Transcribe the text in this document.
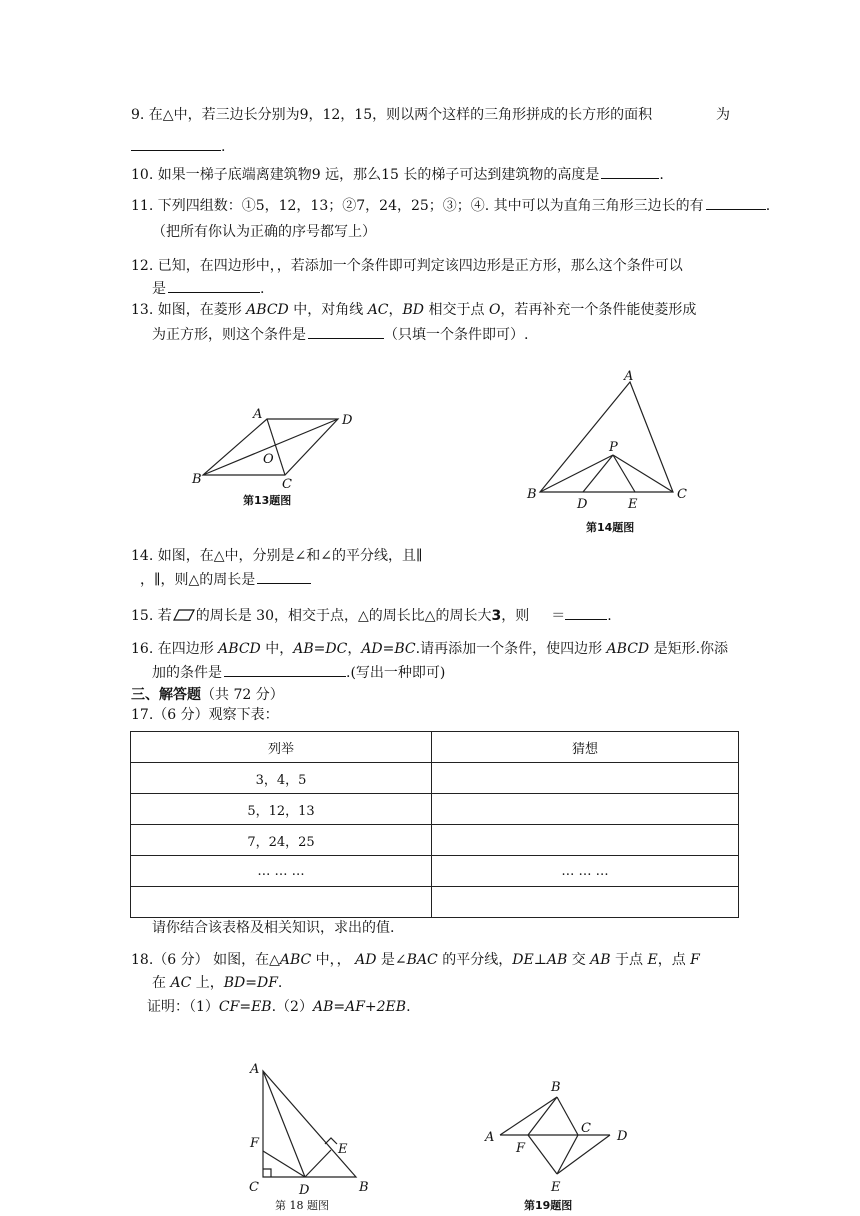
9. 在△中，若三边长分别为9，12，15，则以两个这样的三角形拼成的长方形的面积	为
.
10. 如果一梯子底端离建筑物9 远，那么15 长的梯子可达到建筑物的高度是	.
11. 下列四组数：①5，12，13；②7，24，25；③；④. 其中可以为直角三角形三边长的有	.
（把所有你认为正确的序号都写上）
12. 已知，在四边形中，，若添加一个条件即可判定该四边形是正方形，那么这个条件可以
是	.
13. 如图，在菱形 ABCD 中，对角线 AC，BD 相交于点 O，若再补充一个条件能使菱形成
为正方形，则这个条件是	（只填一个条件即可）.
A	D
B	C
O
第13题图
A
P
B	C
D	E
第14题图
14. 如图，在△中，分别是∠和∠的平分线，且∥
，∥，则△的周长是
15. 若 的周长是 30，相交于点，△的周长比△的周长大3，则 ＝	.
16. 在四边形 ABCD 中，AB=DC，AD=BC.请再添加一个条件，使四边形 ABCD 是矩形.你添
加的条件是	.(写出一种即可)
三、解答题（共 72 分）
17.（6 分）观察下表：
列举	猜想
3，4，5	
5，12，13	
7，24，25	
… … …	… … …

请你结合该表格及相关知识，求出的值.
18.（6 分） 如图，在△ABC 中，， AD 是∠BAC 的平分线，DE⊥AB 交 AB 于点 E，点 F
在 AC 上，BD=DF.
证明：（1）CF=EB.（2）AB=AF+2EB.
A
F
C	D
E
B
第 18 题图
B
A
F
C
D
E
第19题图
